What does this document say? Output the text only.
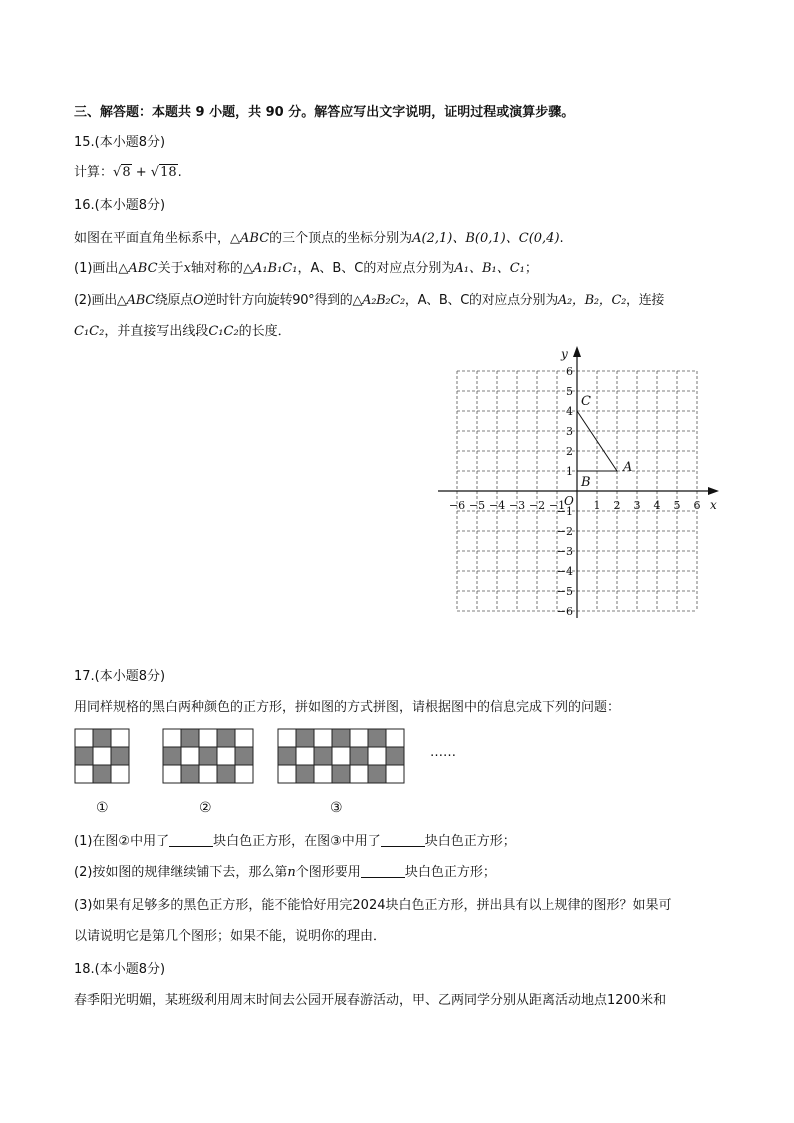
三、解答题：本题共 9 小题，共 90 分。解答应写出文字说明，证明过程或演算步骤。
15.(本小题8分)
计算：√8 + √18.
16.(本小题8分)
如图在平面直角坐标系中，△ABC的三个顶点的坐标分别为A(2,1)、B(0,1)、C(0,4).
(1)画出△ABC关于x轴对称的△A₁B₁C₁，A、B、C的对应点分别为A₁、B₁、C₁；
(2)画出△ABC绕原点O逆时针方向旋转90°得到的△A₂B₂C₂，A、B、C的对应点分别为A₂，B₂，C₂，连接
C₁C₂，并直接写出线段C₁C₂的长度．
x
y
O
−6 −5 −4 −3 −2 −1	1 2 3 4 5 6
6
5
4
3
2
1
−1
−2
−3
−4
−5
−6
A
B
C
17.(本小题8分)
用同样规格的黑白两种颜色的正方形，拼如图的方式拼图，请根据图中的信息完成下列的问题：
……
①	②	③
(1)在图②中用了	块白色正方形，在图③中用了	块白色正方形；
(2)按如图的规律继续铺下去，那么第n个图形要用	块白色正方形；
(3)如果有足够多的黑色正方形，能不能恰好用完2024块白色正方形，拼出具有以上规律的图形？如果可
以请说明它是第几个图形；如果不能，说明你的理由．
18.(本小题8分)
春季阳光明媚，某班级利用周末时间去公园开展春游活动，甲、乙两同学分别从距离活动地点1200米和
